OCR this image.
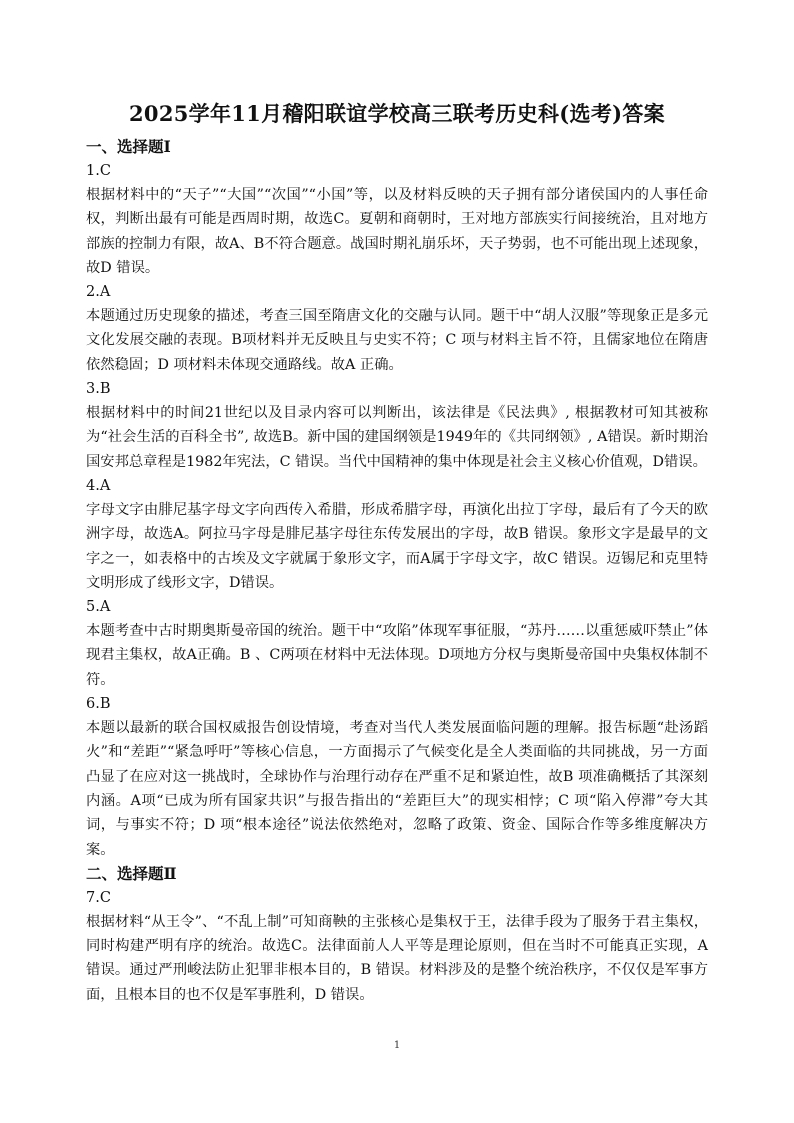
2025学年11月稽阳联谊学校高三联考历史科(选考)答案
一、选择题I
1.C
根据材料中的“天子”“大国”“次国”“小国”等，以及材料反映的天子拥有部分诸侯国内的人事任命权，判断出最有可能是西周时期，故选C。夏朝和商朝时，王对地方部族实行间接统治，且对地方部族的控制力有限，故A、B不符合题意。战国时期礼崩乐坏，天子势弱，也不可能出现上述现象，故D 错误。
2.A
本题通过历史现象的描述，考查三国至隋唐文化的交融与认同。题干中“胡人汉服”等现象正是多元文化发展交融的表现。B项材料并无反映且与史实不符；C 项与材料主旨不符，且儒家地位在隋唐依然稳固；D 项材料未体现交通路线。故A 正确。
3.B
根据材料中的时间21世纪以及目录内容可以判断出，该法律是《民法典》, 根据教材可知其被称为“社会生活的百科全书”, 故选B。新中国的建国纲领是1949年的《共同纲领》, A错误。新时期治国安邦总章程是1982年宪法，C 错误。当代中国精神的集中体现是社会主义核心价值观，D错误。
4.A
字母文字由腓尼基字母文字向西传入希腊，形成希腊字母，再演化出拉丁字母，最后有了今天的欧洲字母，故选A。阿拉马字母是腓尼基字母往东传发展出的字母，故B 错误。象形文字是最早的文字之一，如表格中的古埃及文字就属于象形文字，而A属于字母文字，故C 错误。迈锡尼和克里特文明形成了线形文字，D错误。
5.A
本题考查中古时期奥斯曼帝国的统治。题干中“攻陷”体现军事征服，“苏丹……以重惩威吓禁止”体现君主集权，故A正确。B 、C两项在材料中无法体现。D项地方分权与奥斯曼帝国中央集权体制不符。
6.B
本题以最新的联合国权威报告创设情境，考查对当代人类发展面临问题的理解。报告标题“赴汤蹈火”和“差距”“紧急呼吁”等核心信息，一方面揭示了气候变化是全人类面临的共同挑战，另一方面凸显了在应对这一挑战时，全球协作与治理行动存在严重不足和紧迫性，故B 项准确概括了其深刻内涵。A项“已成为所有国家共识”与报告指出的“差距巨大”的现实相悖；C 项“陷入停滞”夸大其词，与事实不符；D 项“根本途径”说法依然绝对，忽略了政策、资金、国际合作等多维度解决方案。
二、选择题Ⅱ
7.C
根据材料“从王令”、“不乱上制”可知商鞅的主张核心是集权于王，法律手段为了服务于君主集权，同时构建严明有序的统治。故选C。法律面前人人平等是理论原则，但在当时不可能真正实现，A 错误。通过严刑峻法防止犯罪非根本目的，B 错误。材料涉及的是整个统治秩序，不仅仅是军事方面，且根本目的也不仅是军事胜利，D 错误。
1
